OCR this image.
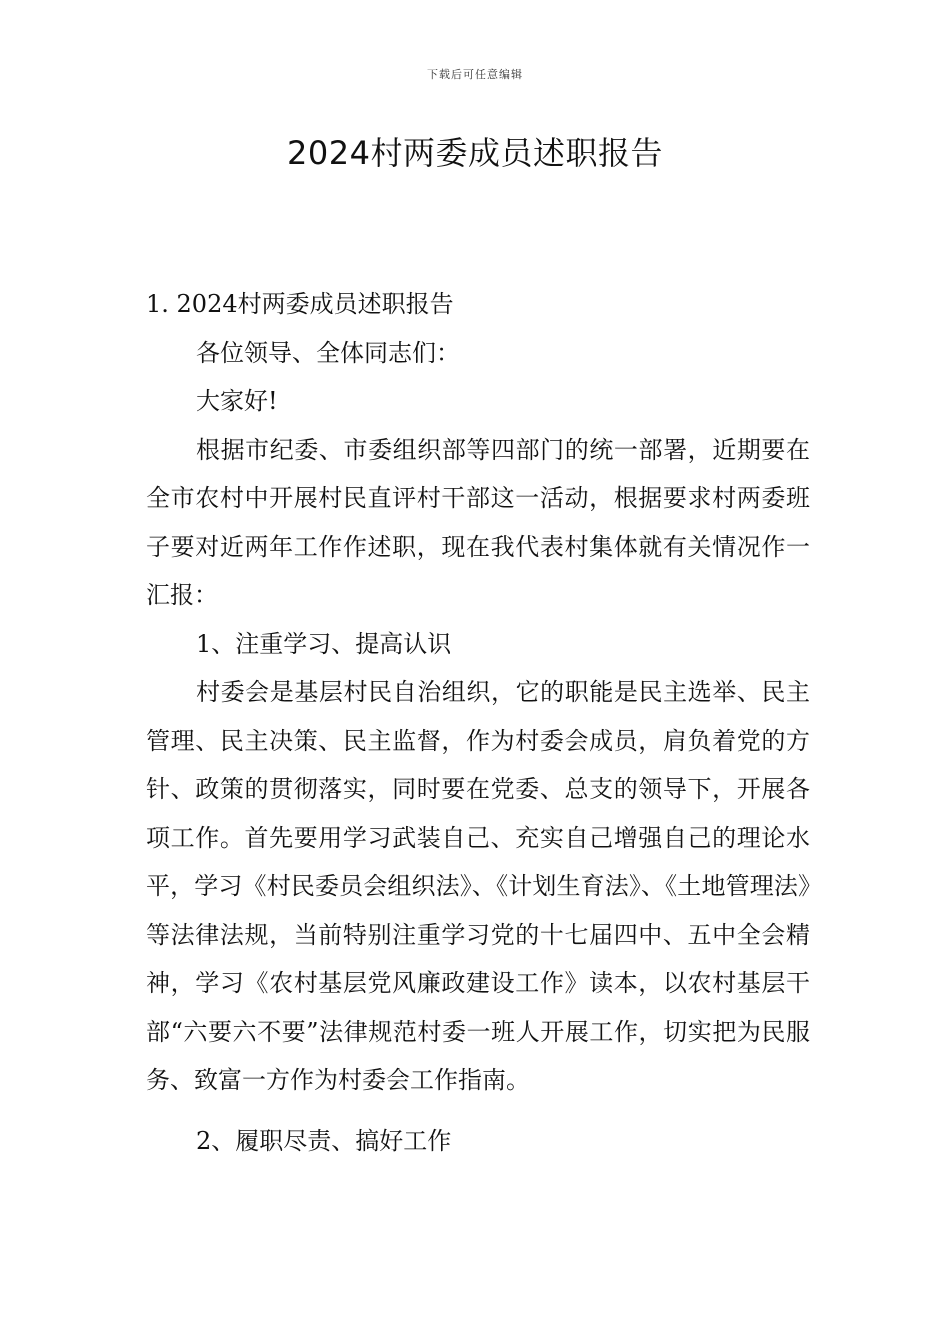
下载后可任意编辑
2024村两委成员述职报告

1. 2024村两委成员述职报告

各位领导、全体同志们：

大家好!

根据市纪委、市委组织部等四部门的统一部署，近期要在全市农村中开展村民直评村干部这一活动，根据要求村两委班子要对近两年工作作述职，现在我代表村集体就有关情况作一汇报：

1、注重学习、提高认识

村委会是基层村民自治组织，它的职能是民主选举、民主管理、民主决策、民主监督，作为村委会成员，肩负着党的方针、政策的贯彻落实，同时要在党委、总支的领导下，开展各项工作。首先要用学习武装自己、充实自己增强自己的理论水平，学习《村民委员会组织法》、《计划生育法》、《土地管理法》等法律法规，当前特别注重学习党的十七届四中、五中全会精神，学习《农村基层党风廉政建设工作》读本，以农村基层干部“六要六不要”法律规范村委一班人开展工作，切实把为民服务、致富一方作为村委会工作指南。

2、履职尽责、搞好工作
